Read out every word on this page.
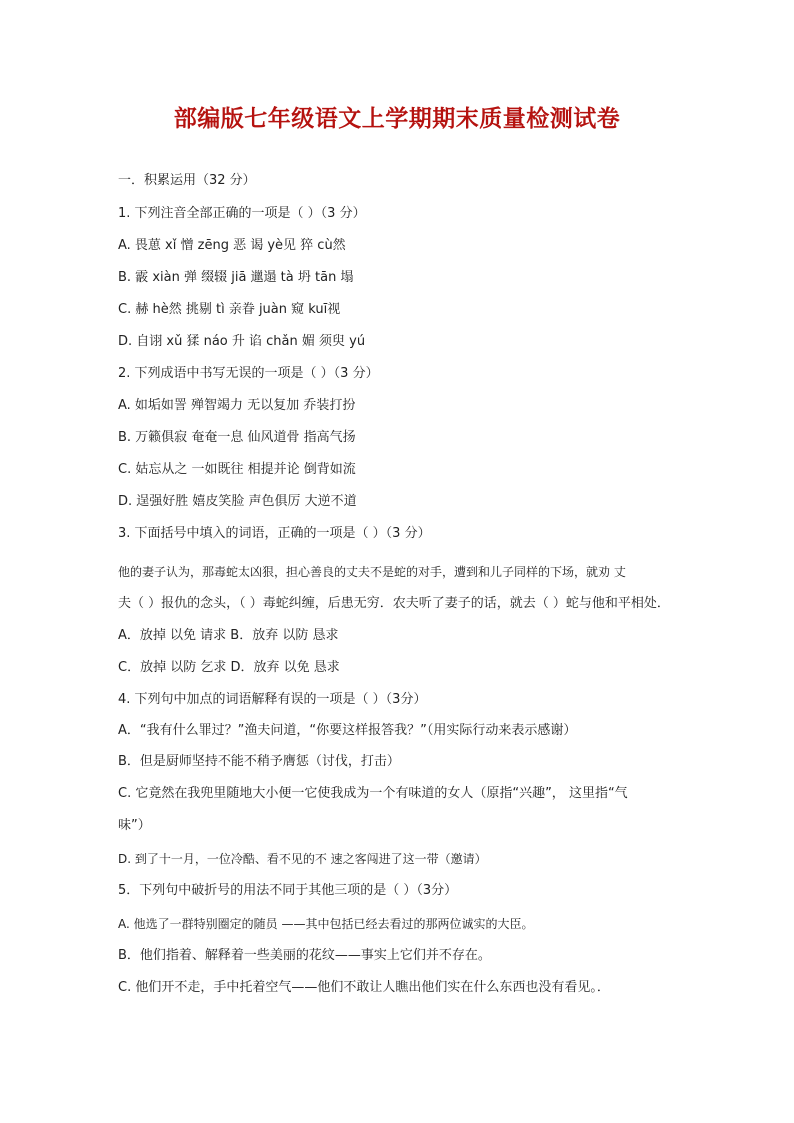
部编版七年级语文上学期期末质量检测试卷
一．积累运用（32 分）
1. 下列注音全部正确的一项是（ ）（3 分）
A. 畏葸 xǐ 憎 zēng 恶 谒 yè见 猝 cù然
B. 霰 xiàn 弹 缀辍 jiā 邋遢 tà 坍 tān 塌
C. 赫 hè然 挑剔 tì 亲眷 juàn 窥 kuī视
D. 自诩 xǔ 猱 náo 升 谄 chǎn 媚 须臾 yú
2. 下列成语中书写无误的一项是（ ）（3 分）
A. 如垢如詈 殚智竭力 无以复加 乔装打扮
B. 万籁俱寂 奄奄一息 仙风道骨 指高气扬
C. 姑忘从之 一如既往 相提并论 倒背如流
D. 逞强好胜 嬉皮笑脸 声色俱厉 大逆不道
3. 下面括号中填入的词语，正确的一项是（ ）（3 分）
他的妻子认为，那毒蛇太凶狠，担心善良的丈夫不是蛇的对手，遭到和儿子同样的下场，就劝 丈
夫（ ）报仇的念头，（ ）毒蛇纠缠，后患无穷．农夫听了妻子的话，就去（ ）蛇与他和平相处．
A．放掉 以免 请求 B．放弃 以防 恳求
C．放掉 以防 乞求 D．放弃 以免 恳求
4. 下列句中加点的词语解释有误的一项是（ ）（3分）
A．“我有什么罪过？”渔夫问道，“你要这样报答我？”（用实际行动来表示感谢）
B．但是厨师坚持不能不稍予膺惩（讨伐，打击）
C. 它竟然在我兜里随地大小便一它使我成为一个有味道的女人（原指“兴趣”， 这里指“气
味”）
D. 到了十一月，一位冷酷、看不见的不 速之客闯进了这一带（邀请）
5．下列句中破折号的用法不同于其他三项的是（ ）（3分）
A. 他选了一群特别圈定的随员 ——其中包括已经去看过的那两位诚实的大臣。
B．他们指着、解释着一些美丽的花纹——事实上它们并不存在。
C. 他们开不走，手中托着空气——他们不敢让人瞧出他们实在什么东西也没有看见。．
